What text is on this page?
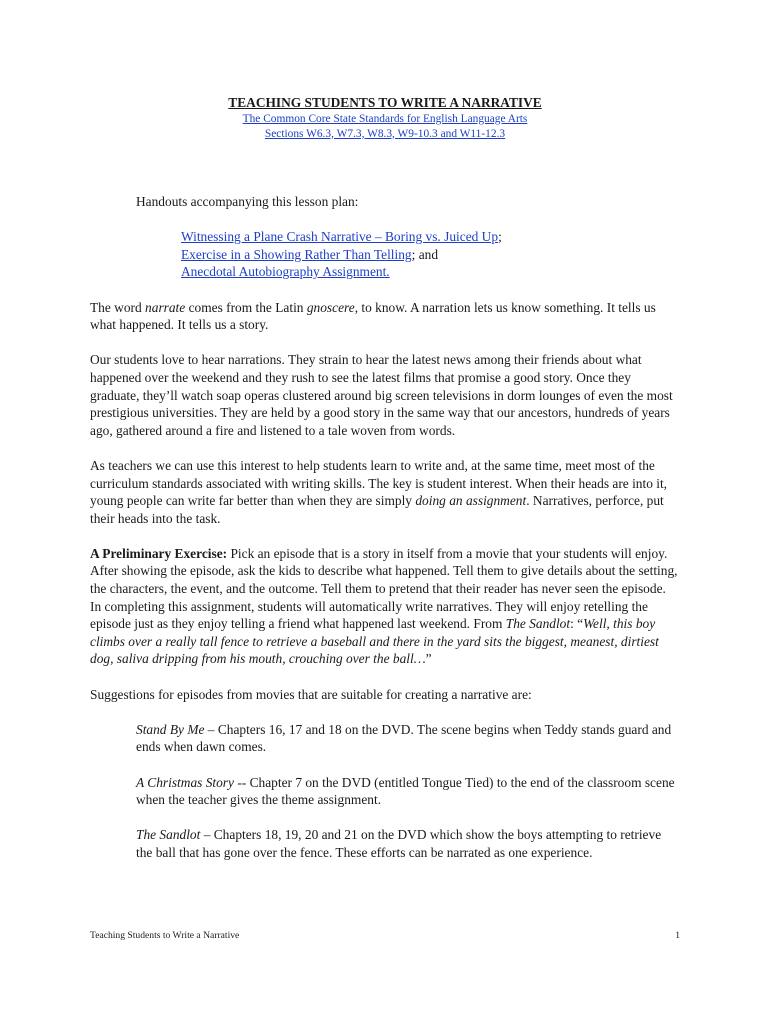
TEACHING STUDENTS TO WRITE A NARRATIVE

The Common Core State Standards for English Language Arts

Sections W6.3, W7.3, W8.3, W9-10.3 and W11-12.3

Handouts accompanying this lesson plan:

Witnessing a Plane Crash Narrative – Boring vs. Juiced Up;
Exercise in a Showing Rather Than Telling; and
Anecdotal Autobiography Assignment.

The word narrate comes from the Latin gnoscere, to know. A narration lets us know something. It tells us what happened. It tells us a story.

Our students love to hear narrations. They strain to hear the latest news among their friends about what happened over the weekend and they rush to see the latest films that promise a good story. Once they graduate, they’ll watch soap operas clustered around big screen televisions in dorm lounges of even the most prestigious universities. They are held by a good story in the same way that our ancestors, hundreds of years ago, gathered around a fire and listened to a tale woven from words.

As teachers we can use this interest to help students learn to write and, at the same time, meet most of the curriculum standards associated with writing skills. The key is student interest. When their heads are into it, young people can write far better than when they are simply doing an assignment. Narratives, perforce, put their heads into the task.

A Preliminary Exercise: Pick an episode that is a story in itself from a movie that your students will enjoy. After showing the episode, ask the kids to describe what happened. Tell them to give details about the setting, the characters, the event, and the outcome. Tell them to pretend that their reader has never seen the episode. In completing this assignment, students will automatically write narratives. They will enjoy retelling the episode just as they enjoy telling a friend what happened last weekend. From The Sandlot: “Well, this boy climbs over a really tall fence to retrieve a baseball and there in the yard sits the biggest, meanest, dirtiest dog, saliva dripping from his mouth, crouching over the ball…”

Suggestions for episodes from movies that are suitable for creating a narrative are:

Stand By Me – Chapters 16, 17 and 18 on the DVD. The scene begins when Teddy stands guard and ends when dawn comes.

A Christmas Story -- Chapter 7 on the DVD (entitled Tongue Tied) to the end of the classroom scene when the teacher gives the theme assignment.

The Sandlot – Chapters 18, 19, 20 and 21 on the DVD which show the boys attempting to retrieve the ball that has gone over the fence. These efforts can be narrated as one experience.

Teaching Students to Write a Narrative	1
